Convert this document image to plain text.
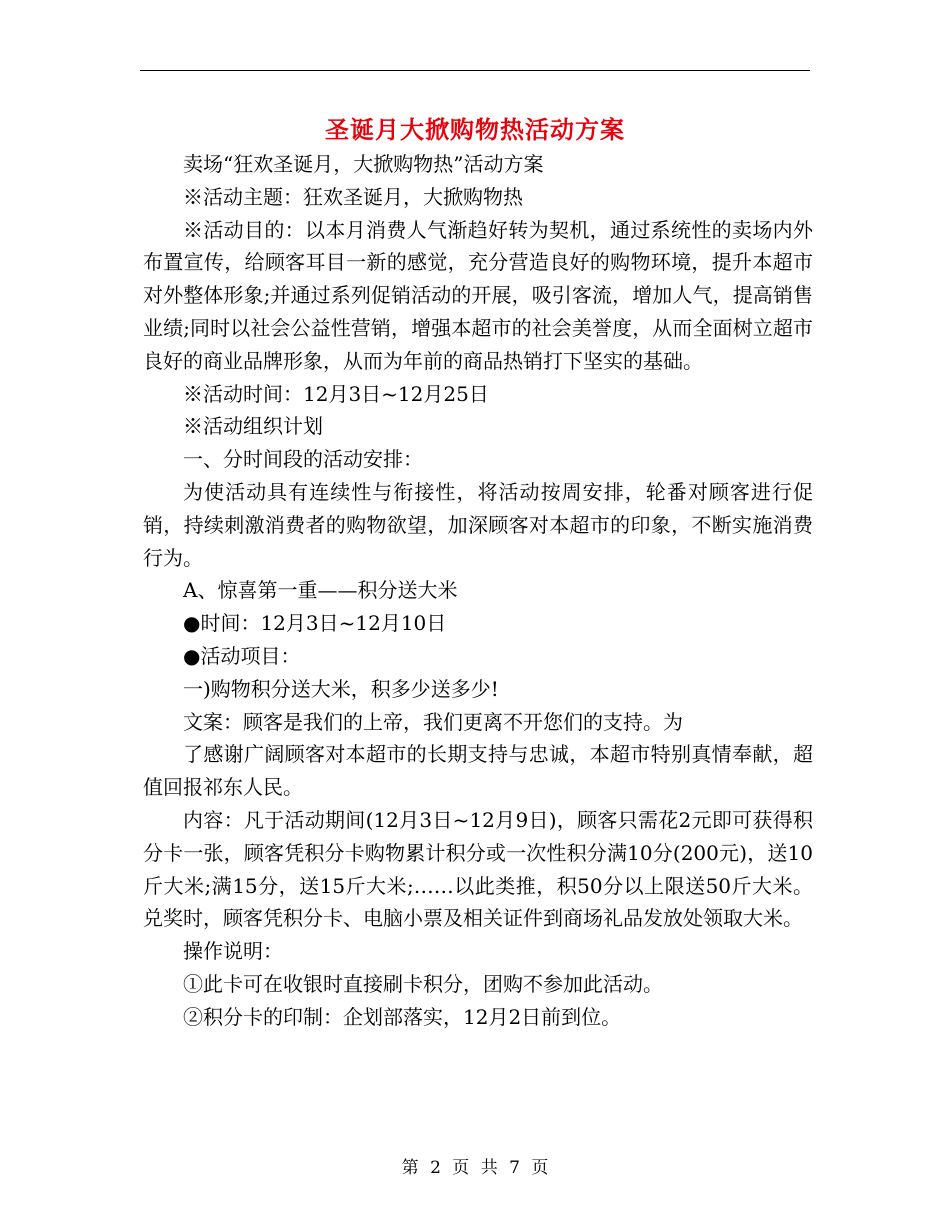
圣诞月大掀购物热活动方案

卖场“狂欢圣诞月，大掀购物热”活动方案

※活动主题：狂欢圣诞月，大掀购物热

※活动目的：以本月消费人气渐趋好转为契机，通过系统性的卖场内外布置宣传，给顾客耳目一新的感觉，充分营造良好的购物环境，提升本超市对外整体形象;并通过系列促销活动的开展，吸引客流，增加人气，提高销售业绩;同时以社会公益性营销，增强本超市的社会美誉度，从而全面树立超市良好的商业品牌形象，从而为年前的商品热销打下坚实的基础。

※活动时间：12月3日~12月25日

※活动组织计划

一、分时间段的活动安排：

为使活动具有连续性与衔接性，将活动按周安排，轮番对顾客进行促销，持续刺激消费者的购物欲望，加深顾客对本超市的印象，不断实施消费行为。

A、惊喜第一重——积分送大米

●时间：12月3日~12月10日

●活动项目：

一)购物积分送大米，积多少送多少!

文案：顾客是我们的上帝，我们更离不开您们的支持。为

了感谢广阔顾客对本超市的长期支持与忠诚，本超市特别真情奉献，超值回报祁东人民。

内容：凡于活动期间(12月3日~12月9日)，顾客只需花2元即可获得积分卡一张，顾客凭积分卡购物累计积分或一次性积分满10分(200元)，送10斤大米;满15分，送15斤大米;……以此类推，积50分以上限送50斤大米。兑奖时，顾客凭积分卡、电脑小票及相关证件到商场礼品发放处领取大米。

操作说明：

①此卡可在收银时直接刷卡积分，团购不参加此活动。

②积分卡的印制：企划部落实，12月2日前到位。

第 2 页 共 7 页
